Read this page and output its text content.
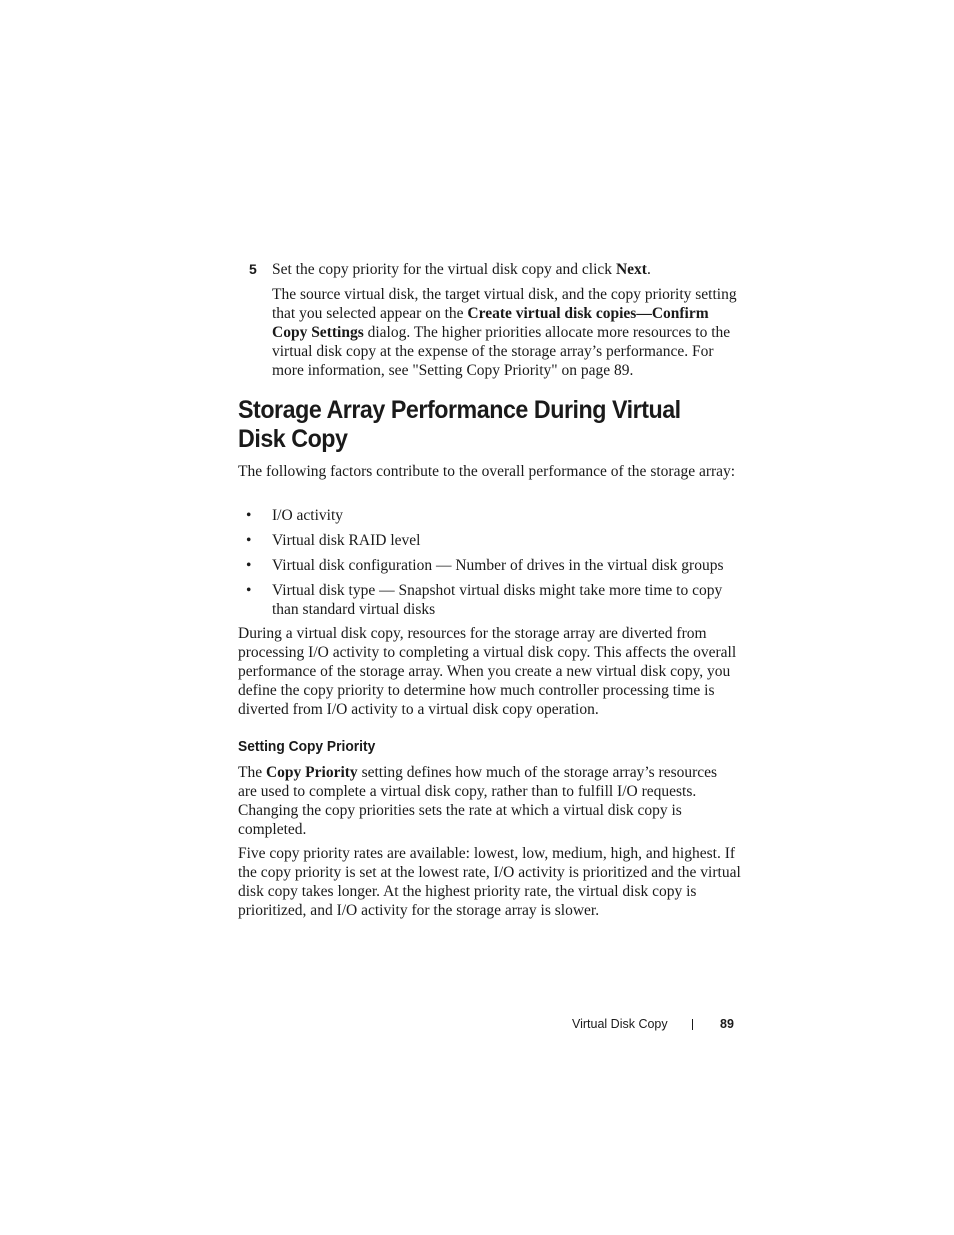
5 Set the copy priority for the virtual disk copy and click Next.

The source virtual disk, the target virtual disk, and the copy priority setting that you selected appear on the Create virtual disk copies—Confirm Copy Settings dialog. The higher priorities allocate more resources to the virtual disk copy at the expense of the storage array’s performance. For more information, see "Setting Copy Priority" on page 89.

Storage Array Performance During Virtual Disk Copy

The following factors contribute to the overall performance of the storage array:

• I/O activity
• Virtual disk RAID level
• Virtual disk configuration — Number of drives in the virtual disk groups
• Virtual disk type — Snapshot virtual disks might take more time to copy than standard virtual disks

During a virtual disk copy, resources for the storage array are diverted from processing I/O activity to completing a virtual disk copy. This affects the overall performance of the storage array. When you create a new virtual disk copy, you define the copy priority to determine how much controller processing time is diverted from I/O activity to a virtual disk copy operation.

Setting Copy Priority

The Copy Priority setting defines how much of the storage array’s resources are used to complete a virtual disk copy, rather than to fulfill I/O requests. Changing the copy priorities sets the rate at which a virtual disk copy is completed.

Five copy priority rates are available: lowest, low, medium, high, and highest. If the copy priority is set at the lowest rate, I/O activity is prioritized and the virtual disk copy takes longer. At the highest priority rate, the virtual disk copy is prioritized, and I/O activity for the storage array is slower.

Virtual Disk Copy	89
